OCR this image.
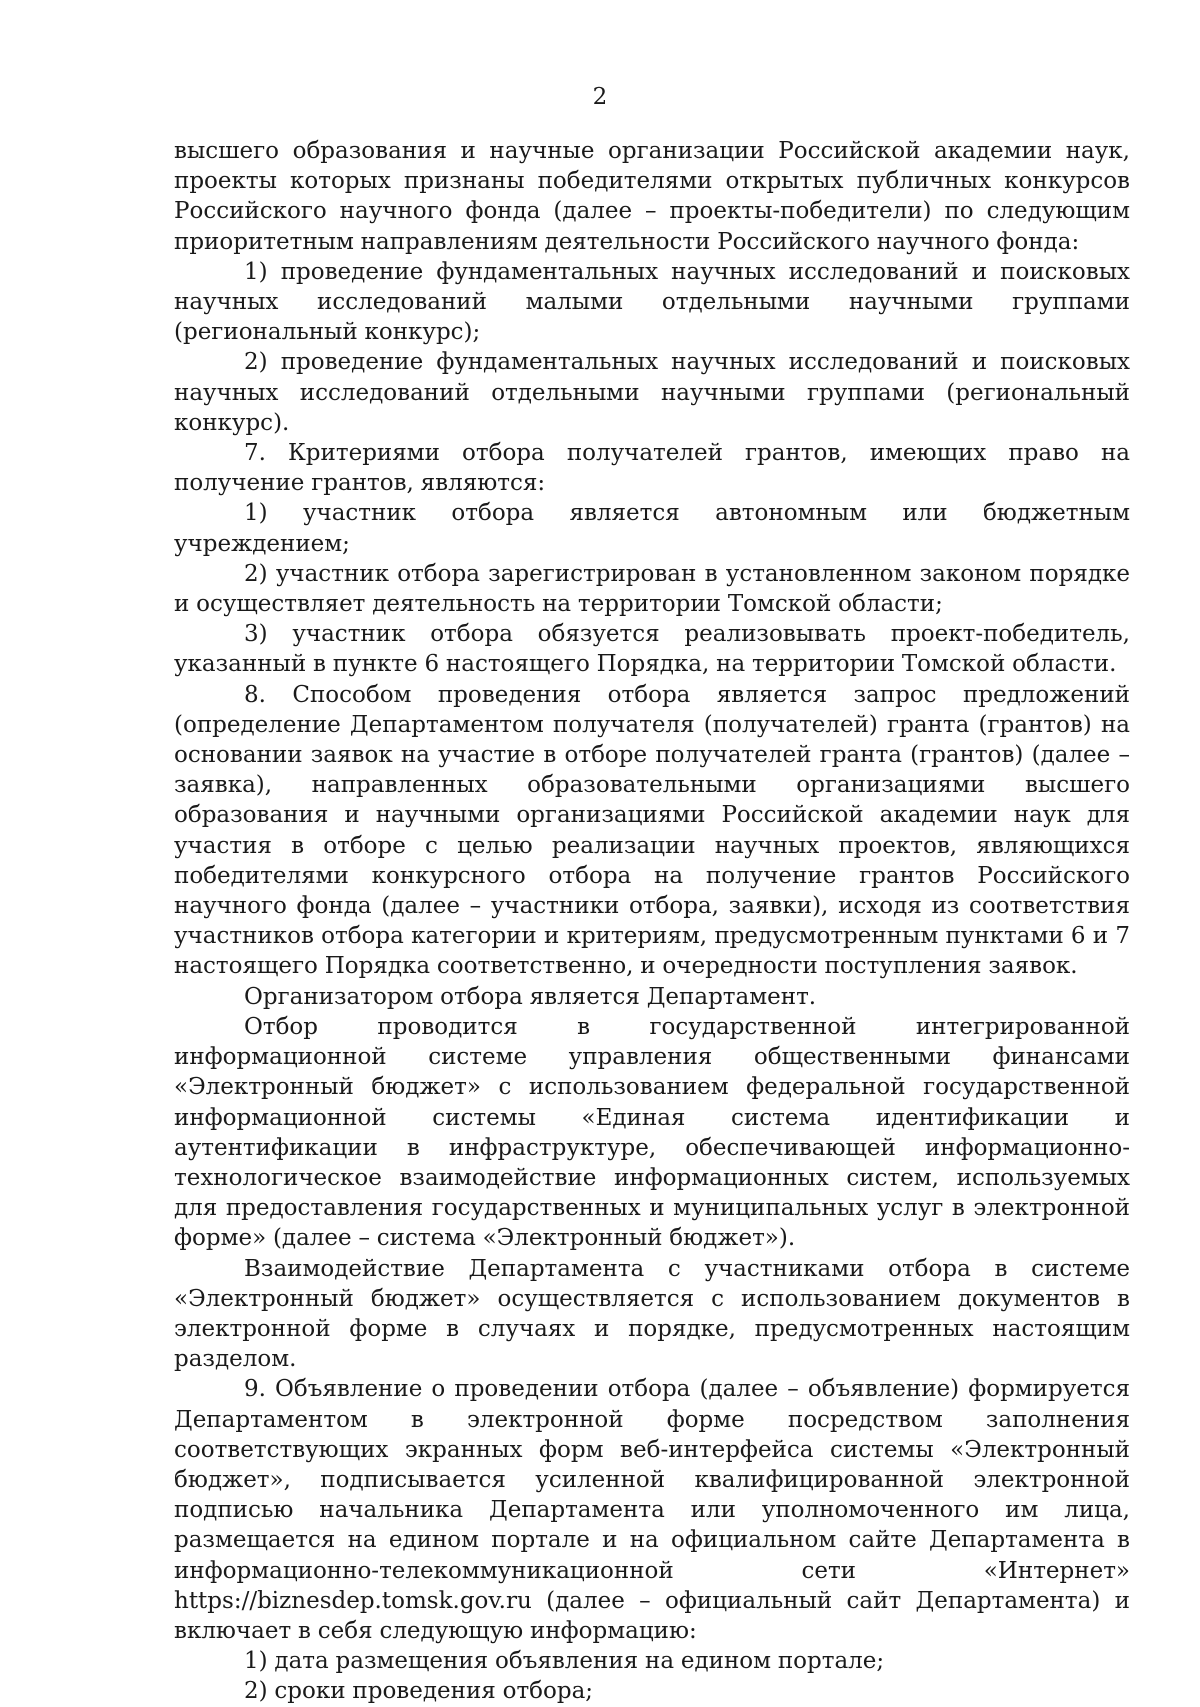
2

высшего образования и научные организации Российской академии наук, проекты которых признаны победителями открытых публичных конкурсов Российского научного фонда (далее – проекты-победители) по следующим приоритетным направлениям деятельности Российского научного фонда:

1) проведение фундаментальных научных исследований и поисковых научных исследований малыми отдельными научными группами (региональный конкурс);

2) проведение фундаментальных научных исследований и поисковых научных исследований отдельными научными группами (региональный конкурс).

7. Критериями отбора получателей грантов, имеющих право на получение грантов, являются:

1) участник отбора является автономным или бюджетным учреждением;

2) участник отбора зарегистрирован в установленном законом порядке и осуществляет деятельность на территории Томской области;

3) участник отбора обязуется реализовывать проект-победитель, указанный в пункте 6 настоящего Порядка, на территории Томской области.

8. Способом проведения отбора является запрос предложений (определение Департаментом получателя (получателей) гранта (грантов) на основании заявок на участие в отборе получателей гранта (грантов) (далее – заявка), направленных образовательными организациями высшего образования и научными организациями Российской академии наук для участия в отборе с целью реализации научных проектов, являющихся победителями конкурсного отбора на получение грантов Российского научного фонда (далее – участники отбора, заявки), исходя из соответствия участников отбора категории и критериям, предусмотренным пунктами 6 и 7 настоящего Порядка соответственно, и очередности поступления заявок.

Организатором отбора является Департамент.

Отбор проводится в государственной интегрированной информационной системе управления общественными финансами «Электронный бюджет» с использованием федеральной государственной информационной системы «Единая система идентификации и аутентификации в инфраструктуре, обеспечивающей информационно-технологическое взаимодействие информационных систем, используемых для предоставления государственных и муниципальных услуг в электронной форме» (далее – система «Электронный бюджет»).

Взаимодействие Департамента с участниками отбора в системе «Электронный бюджет» осуществляется с использованием документов в электронной форме в случаях и порядке, предусмотренных настоящим разделом.

9. Объявление о проведении отбора (далее – объявление) формируется Департаментом в электронной форме посредством заполнения соответствующих экранных форм веб-интерфейса системы «Электронный бюджет», подписывается усиленной квалифицированной электронной подписью начальника Департамента или уполномоченного им лица, размещается на едином портале и на официальном сайте Департамента в информационно-телекоммуникационной сети «Интернет» https://biznesdep.tomsk.gov.ru (далее – официальный сайт Департамента) и включает в себя следующую информацию:

1) дата размещения объявления на едином портале;

2) сроки проведения отбора;
